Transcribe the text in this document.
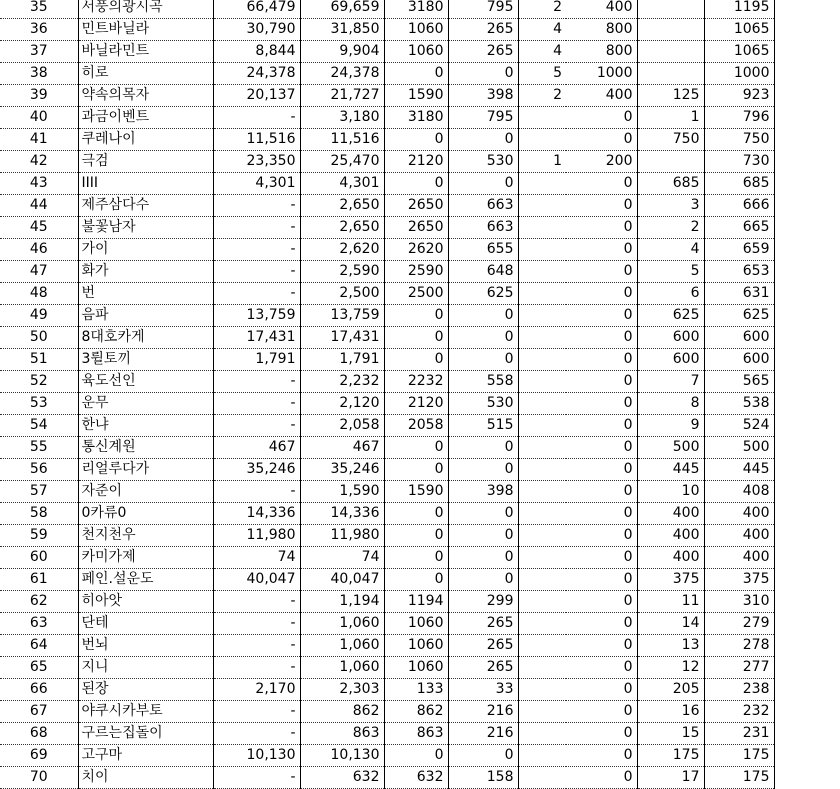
35	서풍의광시곡	66,479	69,659	3180	795	2	400		1195
36	민트바닐라	30,790	31,850	1060	265	4	800		1065
37	바닐라민트	8,844	9,904	1060	265	4	800		1065
38	히로	24,378	24,378	0	0	5	1000		1000
39	약속의목자	20,137	21,727	1590	398	2	400	125	923
40	과금이벤트	-	3,180	3180	795		0	1	796
41	쿠레나이	11,516	11,516	0	0		0	750	750
42	극검	23,350	25,470	2120	530	1	200		730
43	IIII	4,301	4,301	0	0		0	685	685
44	제주삼다수	-	2,650	2650	663		0	3	666
45	불꽃남자	-	2,650	2650	663		0	2	665
46	가이	-	2,620	2620	655		0	4	659
47	화가	-	2,590	2590	648		0	5	653
48	번	-	2,500	2500	625		0	6	631
49	음파	13,759	13,759	0	0		0	625	625
50	8대호카게	17,431	17,431	0	0		0	600	600
51	3륄토끼	1,791	1,791	0	0		0	600	600
52	육도선인	-	2,232	2232	558		0	7	565
53	운무	-	2,120	2120	530		0	8	538
54	한냐	-	2,058	2058	515		0	9	524
55	통신계원	467	467	0	0		0	500	500
56	리얼루다가	35,246	35,246	0	0		0	445	445
57	자준이	-	1,590	1590	398		0	10	408
58	0카류0	14,336	14,336	0	0		0	400	400
59	천지천우	11,980	11,980	0	0		0	400	400
60	카미가제	74	74	0	0		0	400	400
61	페인.설운도	40,047	40,047	0	0		0	375	375
62	히아앗	-	1,194	1194	299		0	11	310
63	단테	-	1,060	1060	265		0	14	279
64	번뇌	-	1,060	1060	265		0	13	278
65	지니	-	1,060	1060	265		0	12	277
66	된장	2,170	2,303	133	33		0	205	238
67	야쿠시카부토	-	862	862	216		0	16	232
68	구르는집돌이	-	863	863	216		0	15	231
69	고구마	10,130	10,130	0	0		0	175	175
70	치이	-	632	632	158		0	17	175
